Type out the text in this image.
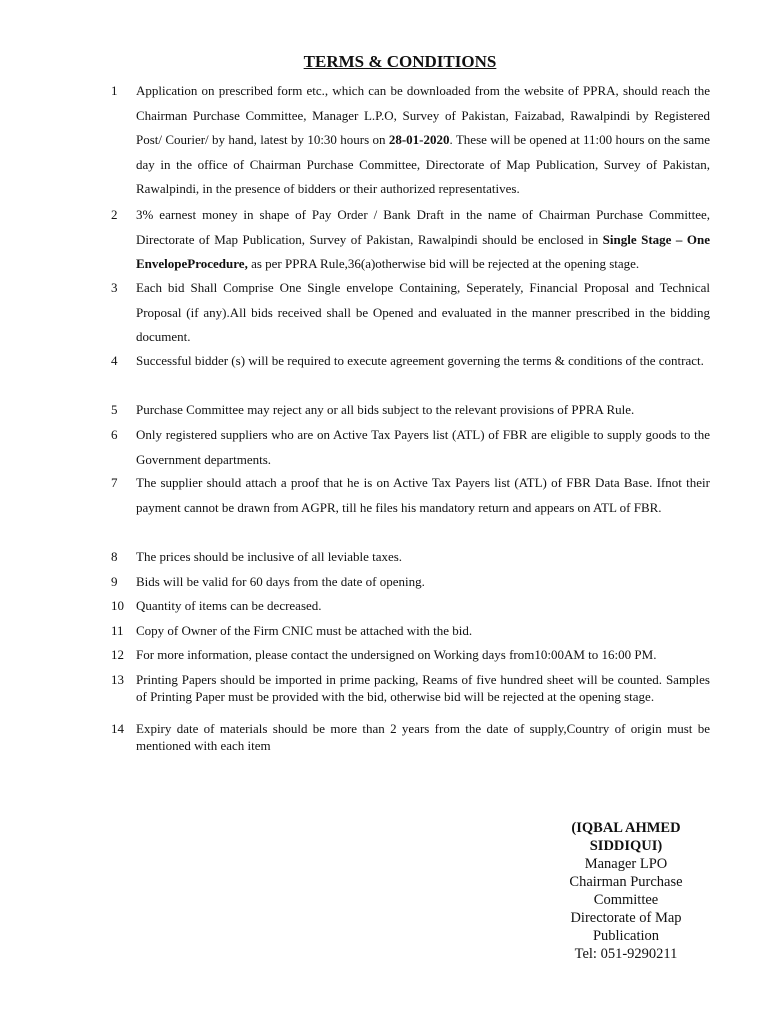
TERMS & CONDITIONS
1	Application on prescribed form etc., which can be downloaded from the website of PPRA, should reach the Chairman Purchase Committee, Manager L.P.O, Survey of Pakistan, Faizabad, Rawalpindi by Registered Post/ Courier/ by hand, latest by 10:30 hours on 28-01-2020. These will be opened at 11:00 hours on the same day in the office of Chairman Purchase Committee, Directorate of Map Publication, Survey of Pakistan, Rawalpindi, in the presence of bidders or their authorized representatives.
2	3% earnest money in shape of Pay Order / Bank Draft in the name of Chairman Purchase Committee, Directorate of Map Publication, Survey of Pakistan, Rawalpindi should be enclosed in Single Stage – One EnvelopeProcedure, as per PPRA Rule,36(a)otherwise bid will be rejected at the opening stage.
3	Each bid Shall Comprise One Single envelope Containing, Seperately, Financial Proposal and Technical Proposal (if any).All bids received shall be Opened and evaluated in the manner prescribed in the bidding document.
4	Successful bidder (s) will be required to execute agreement governing the terms & conditions of the contract.
5	Purchase Committee may reject any or all bids subject to the relevant provisions of PPRA Rule.
6	Only registered suppliers who are on Active Tax Payers list (ATL) of FBR are eligible to supply goods to the Government departments.
7	The supplier should attach a proof that he is on Active Tax Payers list (ATL) of FBR Data Base. Ifnot their payment cannot be drawn from AGPR, till he files his mandatory return and appears on ATL of FBR.
8	The prices should be inclusive of all leviable taxes.
9	Bids will be valid for 60 days from the date of opening.
10 Quantity of items can be decreased.
11 Copy of Owner of the Firm CNIC must be attached with the bid.
12 For more information, please contact the undersigned on Working days from10:00AM to 16:00 PM.
13 Printing Papers should be imported in prime packing, Reams of five hundred sheet will be counted. Samples of Printing Paper must be provided with the bid, otherwise bid will be rejected at the opening stage.
14 Expiry date of materials should be more than 2 years from the date of supply,Country of origin must be mentioned with each item
(IQBAL AHMED
SIDDIQUI)
Manager LPO
Chairman Purchase
Committee
Directorate of Map
Publication
Tel: 051-9290211
